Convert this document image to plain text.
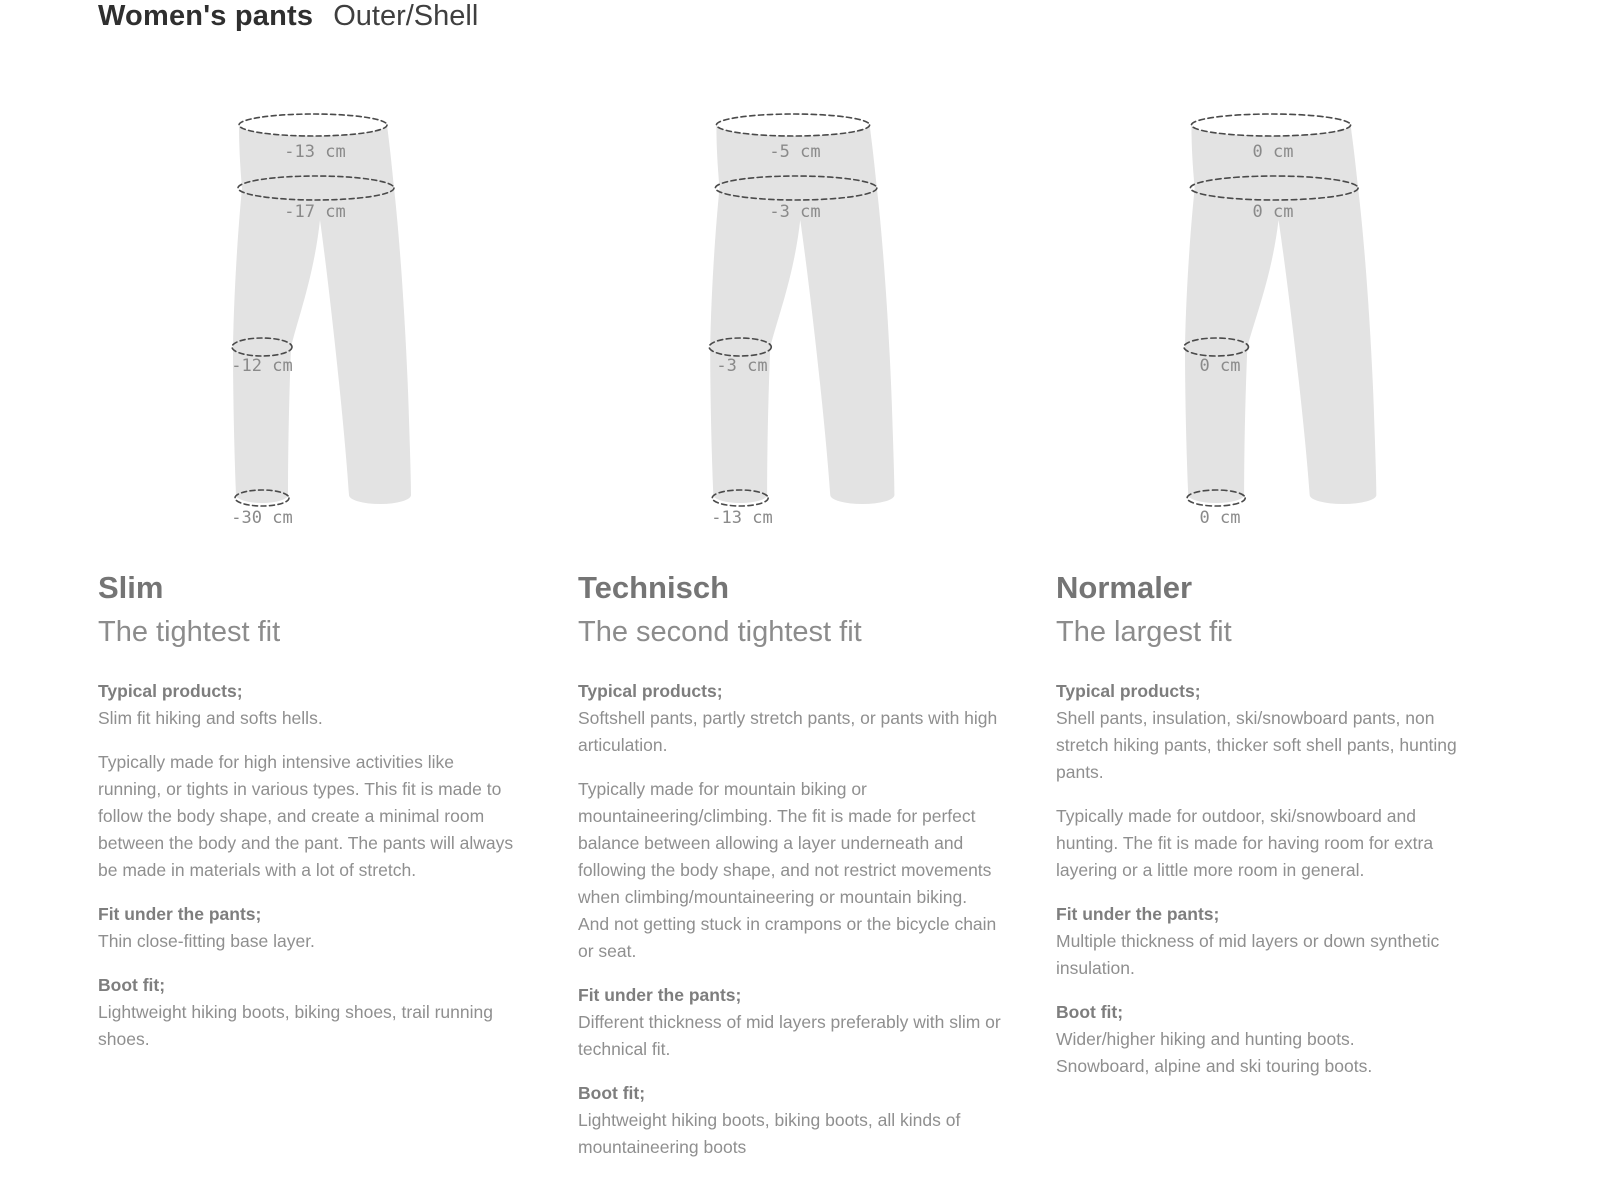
Women's pants Outer/Shell
-13 cm
-17 cm
-12 cm
-30 cm
Slim
The tightest fit
Typical products;

Slim fit hiking and softs hells.

Typically made for high intensive activities like running, or tights in various types. This fit is made to follow the body shape, and create a minimal room between the body and the pant. The pants will always be made in materials with a lot of stretch.

Fit under the pants;

Thin close-fitting base layer.

Boot fit;

Lightweight hiking boots, biking shoes, trail running shoes.

-5 cm
-3 cm
-3 cm
-13 cm
Technisch
The second tightest fit
Typical products;

Softshell pants, partly stretch pants, or pants with high articulation.

Typically made for mountain biking or mountaineering/climbing. The fit is made for perfect balance between allowing a layer underneath and following the body shape, and not restrict movements when climbing/mountaineering or mountain biking. And not getting stuck in crampons or the bicycle chain or seat.

Fit under the pants;

Different thickness of mid layers preferably with slim or technical fit.

Boot fit;

Lightweight hiking boots, biking boots, all kinds of mountaineering boots

0 cm
0 cm
0 cm
0 cm
Normaler
The largest fit
Typical products;

Shell pants, insulation, ski/snowboard pants, non stretch hiking pants, thicker soft shell pants, hunting pants.

Typically made for outdoor, ski/snowboard and hunting. The fit is made for having room for extra layering or a little more room in general.

Fit under the pants;

Multiple thickness of mid layers or down synthetic insulation.

Boot fit;

Wider/higher hiking and hunting boots.

Snowboard, alpine and ski touring boots.
